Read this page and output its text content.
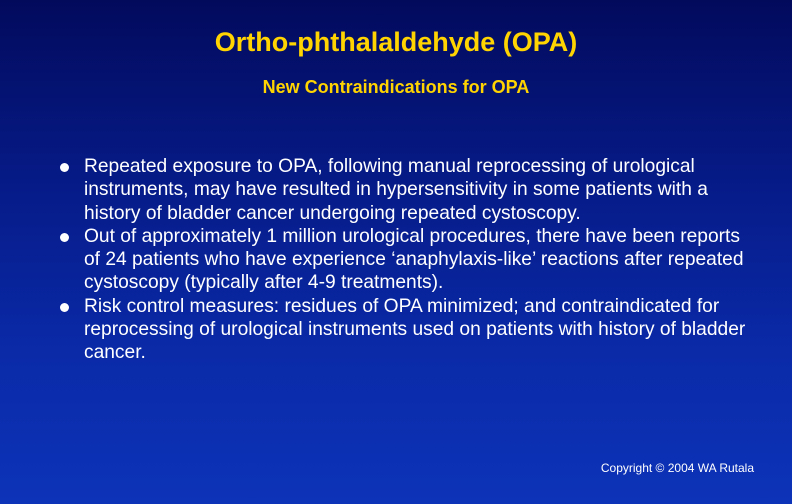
Ortho-phthalaldehyde (OPA)
New Contraindications for OPA
Repeated exposure to OPA, following manual reprocessing of urological instruments, may have resulted in hypersensitivity in some patients with a history of bladder cancer undergoing repeated cystoscopy.
Out of approximately 1 million urological procedures, there have been reports of 24 patients who have experience ‘anaphylaxis-like’ reactions after repeated cystoscopy (typically after 4-9 treatments).
Risk control measures: residues of OPA minimized; and contraindicated for reprocessing of urological instruments used on patients with history of bladder cancer.
Copyright © 2004 WA Rutala
